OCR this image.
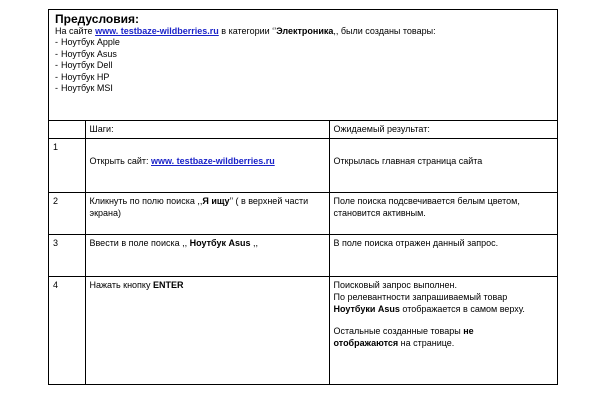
Предусловия:
На сайте www. testbaze-wildberries.ru в категории ‘’Электроника,, были созданы товары:
- Ноутбук Apple
- Ноутбук Asus
- Ноутбук Dell
- Ноутбук HP
- Ноутбук MSI
	Шаги:	Ожидаемый результат:
1	Открыть сайт: www. testbaze-wildberries.ru	Открылась главная страница сайта
2	Кликнуть по полю поиска ,,Я ищу’’ ( в верхней части экрана)	Поле поиска подсвечивается белым цветом, становится активным.
3	Ввести в поле поиска ,, Ноутбук Asus ,,	В поле поиска отражен данный запрос.
4	Нажать кнопку ENTER	Поисковый запрос выполнен.
По релевантности запрашиваемый товар
Ноутбуки Asus отображается в самом верху.
Остальные созданные товары не
отображаются на странице.
